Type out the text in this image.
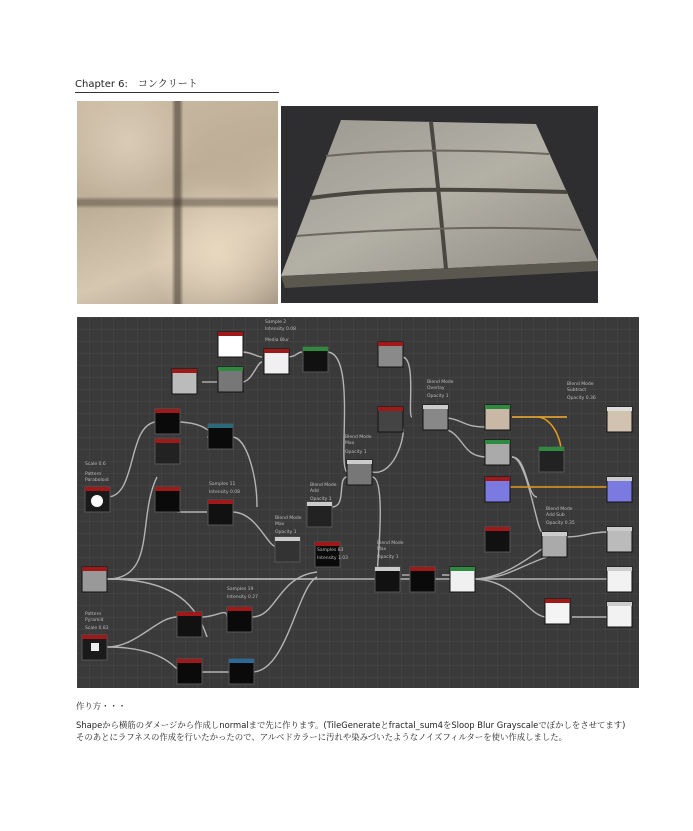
Chapter 6:　コンクリート
Sample 2
Intensity 0.08
Media Blur
Blend Mode
Overlay
Opacity 1
Blend Mode
Subtract
Opacity 0.36
Blend Mode
Max
Opacity 1
Scale 0.6
Pattern
Paraboloid
Samples 11
Intensity 0.08
Blend Mode
Add
Opacity 1
Blend Mode
Max
Opacity 1
Samples 83
Intensity 1.03
Blend Mode
Max
Opacity 1
Blend Mode
Add Sub
Opacity 0.35
Samples 19
Intensity 0.27
Pattern
Pyramid
Scale 0.83
作り方・・・
Shapeから横筋のダメージから作成しnormalまで先に作ります。(TileGenerateとfractal_sum4をSloop Blur Grayscaleでぼかしをさせてます)　そのあとにラフネスの作成を行いたかったので、アルベドカラーに汚れや染みづいたようなノイズフィルターを使い作成しました。
